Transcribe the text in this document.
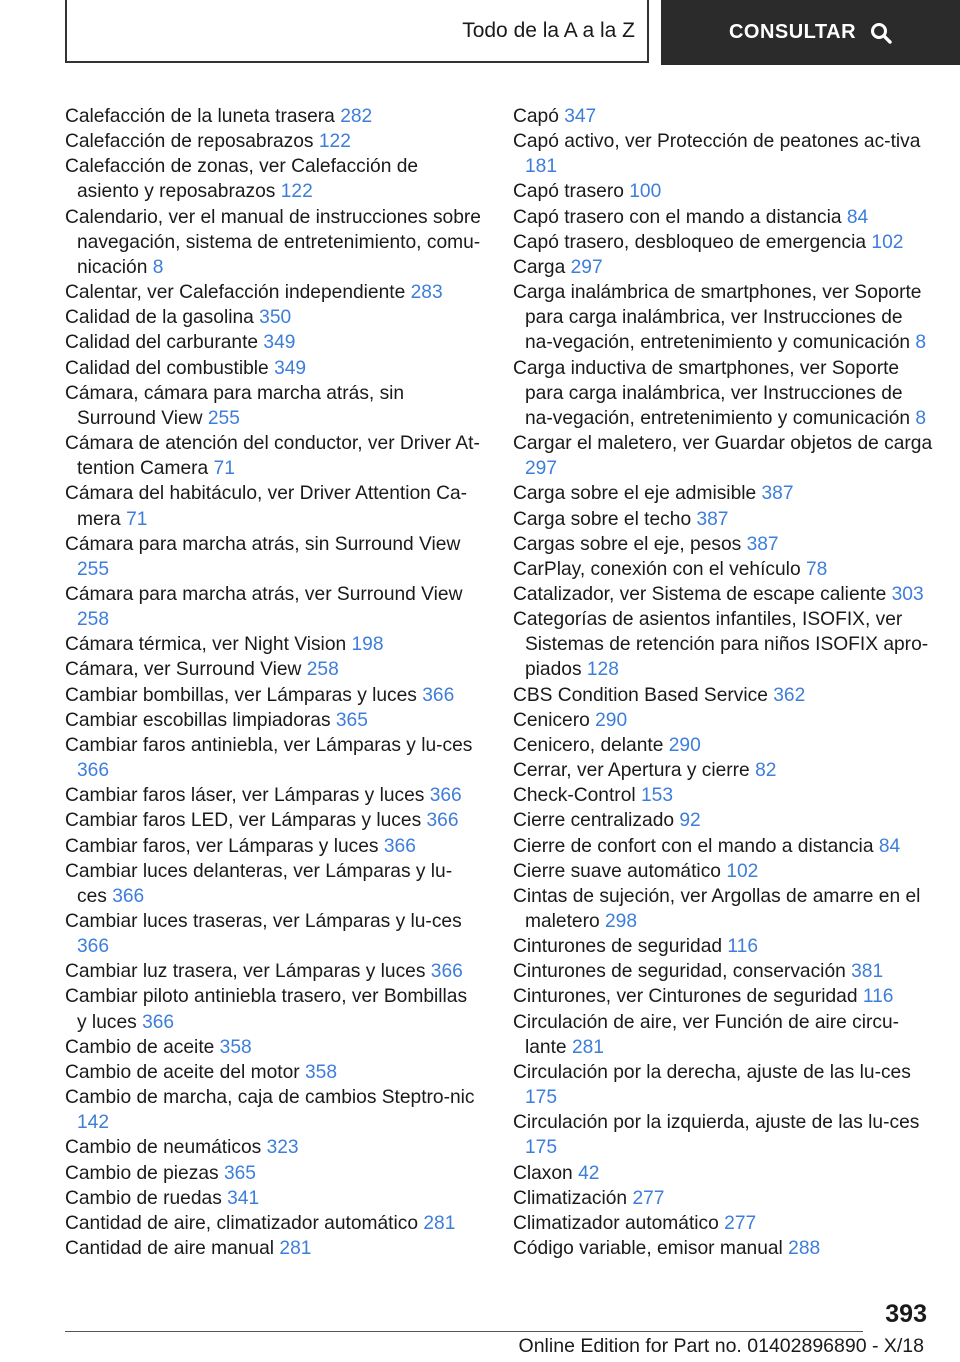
Todo de la A a la Z	CONSULTAR
Calefacción de la luneta trasera 282
Calefacción de reposabrazos 122
Calefacción de zonas, ver Calefacción de asiento y reposabrazos 122
Calendario, ver el manual de instrucciones sobre navegación, sistema de entretenimiento, comu‐nicación 8
Calentar, ver Calefacción independiente 283
Calidad de la gasolina 350
Calidad del carburante 349
Calidad del combustible 349
Cámara, cámara para marcha atrás, sin Surround View 255
Cámara de atención del conductor, ver Driver At‐tention Camera 71
Cámara del habitáculo, ver Driver Attention Ca‐mera 71
Cámara para marcha atrás, sin Surround View 255
Cámara para marcha atrás, ver Surround View 258
Cámara térmica, ver Night Vision 198
Cámara, ver Surround View 258
Cambiar bombillas, ver Lámparas y luces 366
Cambiar escobillas limpiadoras 365
Cambiar faros antiniebla, ver Lámparas y lu‐ces 366
Cambiar faros láser, ver Lámparas y luces 366
Cambiar faros LED, ver Lámparas y luces 366
Cambiar faros, ver Lámparas y luces 366
Cambiar luces delanteras, ver Lámparas y lu‐ces 366
Cambiar luces traseras, ver Lámparas y lu‐ces 366
Cambiar luz trasera, ver Lámparas y luces 366
Cambiar piloto antiniebla trasero, ver Bombillas y luces 366
Cambio de aceite 358
Cambio de aceite del motor 358
Cambio de marcha, caja de cambios Steptro‐nic 142
Cambio de neumáticos 323
Cambio de piezas 365
Cambio de ruedas 341
Cantidad de aire, climatizador automático 281
Cantidad de aire manual 281
Capó 347
Capó activo, ver Protección de peatones ac‐tiva 181
Capó trasero 100
Capó trasero con el mando a distancia 84
Capó trasero, desbloqueo de emergencia 102
Carga 297
Carga inalámbrica de smartphones, ver Soporte para carga inalámbrica, ver Instrucciones de na‐vegación, entretenimiento y comunicación 8
Carga inductiva de smartphones, ver Soporte para carga inalámbrica, ver Instrucciones de na‐vegación, entretenimiento y comunicación 8
Cargar el maletero, ver Guardar objetos de carga 297
Carga sobre el eje admisible 387
Carga sobre el techo 387
Cargas sobre el eje, pesos 387
CarPlay, conexión con el vehículo 78
Catalizador, ver Sistema de escape caliente 303
Categorías de asientos infantiles, ISOFIX, ver Sistemas de retención para niños ISOFIX apro‐piados 128
CBS Condition Based Service 362
Cenicero 290
Cenicero, delante 290
Cerrar, ver Apertura y cierre 82
Check-Control 153
Cierre centralizado 92
Cierre de confort con el mando a distancia 84
Cierre suave automático 102
Cintas de sujeción, ver Argollas de amarre en el maletero 298
Cinturones de seguridad 116
Cinturones de seguridad, conservación 381
Cinturones, ver Cinturones de seguridad 116
Circulación de aire, ver Función de aire circu‐lante 281
Circulación por la derecha, ajuste de las lu‐ces 175
Circulación por la izquierda, ajuste de las lu‐ces 175
Claxon 42
Climatización 277
Climatizador automático 277
Código variable, emisor manual 288
393
Online Edition for Part no. 01402896890 - X/18
